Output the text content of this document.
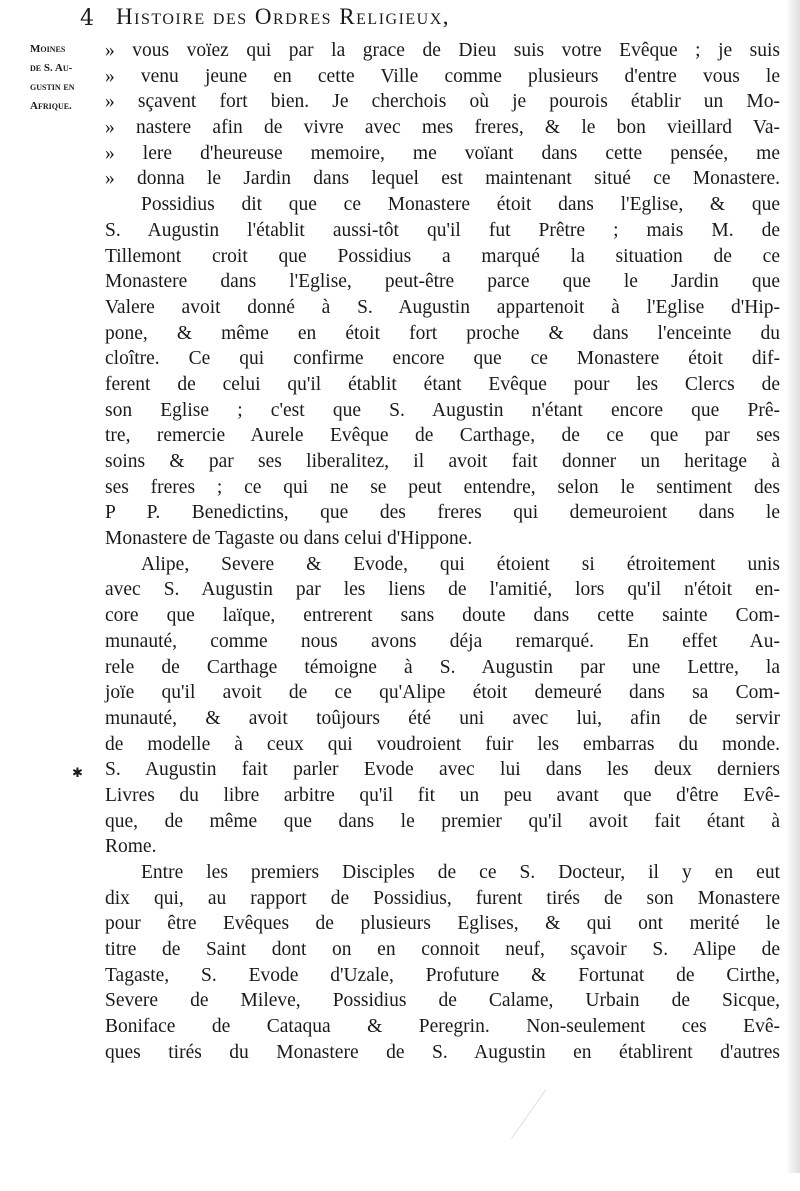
4 Histoire des Ordres Religieux,
Moines
de S. Au-
gustin en
Afrique.
✱
» vous voïez qui par la grace de Dieu suis votre Evêque ; je suis
» venu jeune en cette Ville comme plusieurs d'entre vous le
» sçavent fort bien. Je cherchois où je pourois établir un Mo-
» nastere afin de vivre avec mes freres, & le bon vieillard Va-
» lere d'heureuse memoire, me voïant dans cette pensée, me
» donna le Jardin dans lequel est maintenant situé ce Monastere.
Possidius dit que ce Monastere étoit dans l'Eglise, & que
S. Augustin l'établit aussi-tôt qu'il fut Prêtre ; mais M. de
Tillemont croit que Possidius a marqué la situation de ce
Monastere dans l'Eglise, peut-être parce que le Jardin que
Valere avoit donné à S. Augustin appartenoit à l'Eglise d'Hip-
pone, & même en étoit fort proche & dans l'enceinte du
cloître. Ce qui confirme encore que ce Monastere étoit dif-
ferent de celui qu'il établit étant Evêque pour les Clercs de
son Eglise ; c'est que S. Augustin n'étant encore que Prê-
tre, remercie Aurele Evêque de Carthage, de ce que par ses
soins & par ses liberalitez, il avoit fait donner un heritage à
ses freres ; ce qui ne se peut entendre, selon le sentiment des
P P. Benedictins, que des freres qui demeuroient dans le
Monastere de Tagaste ou dans celui d'Hippone.
Alipe, Severe & Evode, qui étoient si étroitement unis
avec S. Augustin par les liens de l'amitié, lors qu'il n'étoit en-
core que laïque, entrerent sans doute dans cette sainte Com-
munauté, comme nous avons déja remarqué. En effet Au-
rele de Carthage témoigne à S. Augustin par une Lettre, la
joïe qu'il avoit de ce qu'Alipe étoit demeuré dans sa Com-
munauté, & avoit toûjours été uni avec lui, afin de servir
de modelle à ceux qui voudroient fuir les embarras du monde.
S. Augustin fait parler Evode avec lui dans les deux derniers
Livres du libre arbitre qu'il fit un peu avant que d'être Evê-
que, de même que dans le premier qu'il avoit fait étant à
Rome.
Entre les premiers Disciples de ce S. Docteur, il y en eut
dix qui, au rapport de Possidius, furent tirés de son Monastere
pour être Evêques de plusieurs Eglises, & qui ont merité le
titre de Saint dont on en connoit neuf, sçavoir S. Alipe de
Tagaste, S. Evode d'Uzale, Profuture & Fortunat de Cirthe,
Severe de Mileve, Possidius de Calame, Urbain de Sicque,
Boniface de Cataqua & Peregrin. Non-seulement ces Evê-
ques tirés du Monastere de S. Augustin en établirent d'autres
